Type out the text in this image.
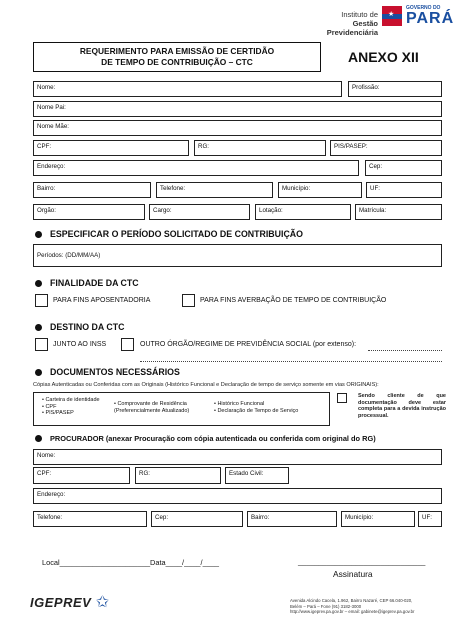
Instituto de
Gestão Previdenciária
★
GOVERNO DO
PARÁ
REQUERIMENTO PARA EMISSÃO DE CERTIDÃO
DE TEMPO DE CONTRIBUIÇÃO – CTC	ANEXO XII
Nome:	Profissão:
Nome Pai:
Nome Mãe:
CPF:	RG:	PIS/PASEP:
Endereço:	Cep:
Bairro:	Telefone:	Município:	UF:
Orgão:	Cargo:	Lotação:	Matrícula:
ESPECIFICAR O PERÍODO SOLICITADO DE CONTRIBUIÇÃO
Períodos: (DD/MM/AA)
FINALIDADE DA CTC
PARA FINS APOSENTADORIA	PARA FINS AVERBAÇÃO DE TEMPO DE CONTRIBUIÇÃO
DESTINO DA CTC
JUNTO AO INSS	OUTRO ÓRGÃO/REGIME DE PREVIDÊNCIA SOCIAL (por extenso):
DOCUMENTOS NECESSÁRIOS
Cópias Autenticadas ou Conferidas com as Originais (Histórico Funcional e Declaração de tempo de serviço somente em vias ORIGINAIS):
• Carteira de identidade
• CPF
• PIS/PASEP
• Comprovante de Residência
(Preferencialmente Atualizado)
• Histórico Funcional
• Declaração de Tempo de Serviço
Sendo cliente de que documentação deve estar completa para a devida instrução processual.
PROCURADOR (anexar Procuração com cópia autenticada ou conferida com original do RG)
Nome:
CPF:	RG:	Estado Civil:
Endereço:
Telefone:	Cep:	Bairro:	Município:	UF:
Local______________________ Data____/____/____	_______________________________
Assinatura
IGEPREV ✩	Avenida Alcindo Cacela, 1.962, Bairro Nazaré, CEP 66.040-020,
Belém – Pará – Fone (91) 3182-3000
http://www.igeprev.pa.gov.br – email: gabinete@igeprev.pa.gov.br
